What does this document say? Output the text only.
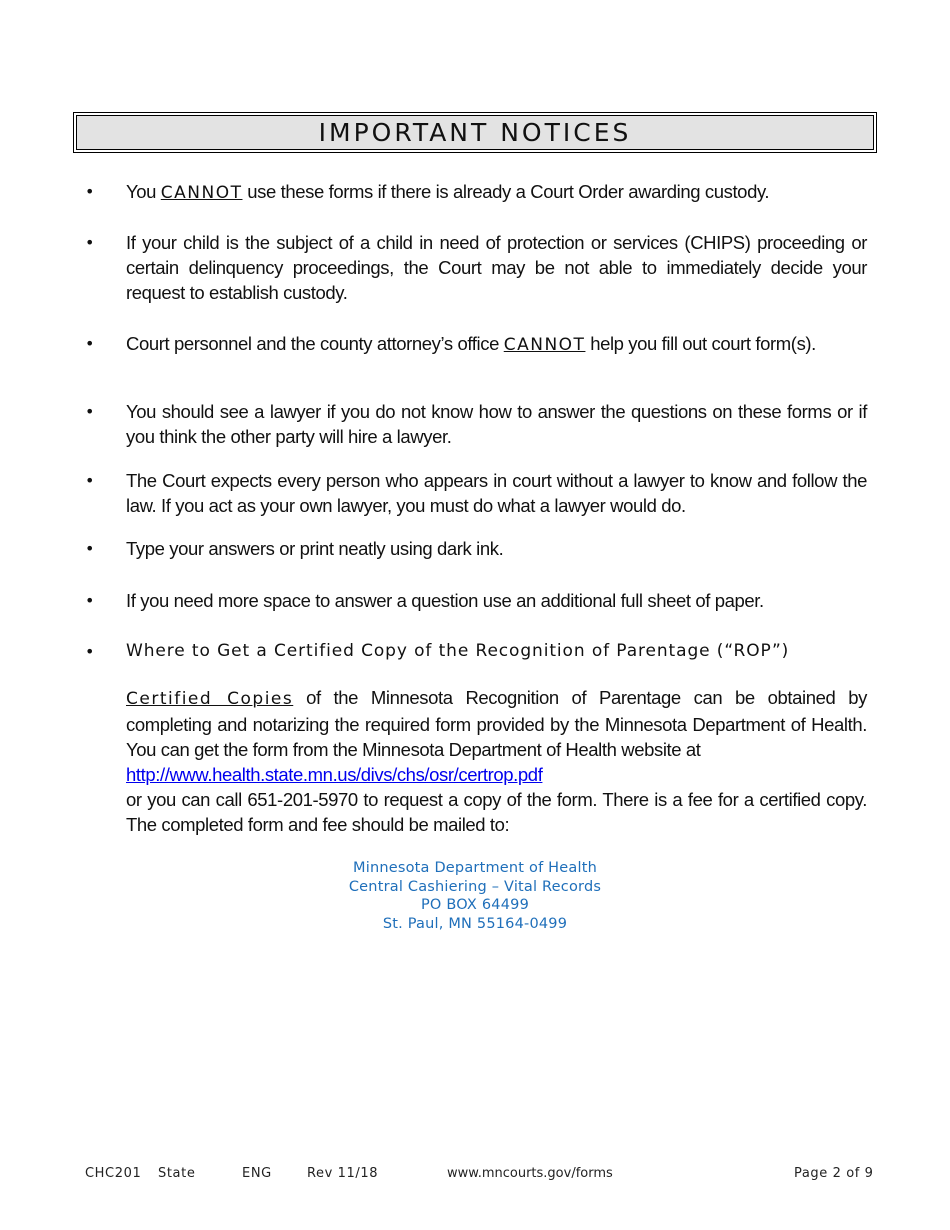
IMPORTANT NOTICES
• You CANNOT use these forms if there is already a Court Order awarding custody.
• If your child is the subject of a child in need of protection or services (CHIPS) proceeding or certain delinquency proceedings, the Court may be not able to immediately decide your request to establish custody.
• Court personnel and the county attorney’s office CANNOT help you fill out court form(s).
• You should see a lawyer if you do not know how to answer the questions on these forms or if you think the other party will hire a lawyer.
• The Court expects every person who appears in court without a lawyer to know and follow the law. If you act as your own lawyer, you must do what a lawyer would do.
• Type your answers or print neatly using dark ink.
• If you need more space to answer a question use an additional full sheet of paper.
• Where to Get a Certified Copy of the Recognition of Parentage (“ROP”)
Certified Copies of the Minnesota Recognition of Parentage can be obtained by completing and notarizing the required form provided by the Minnesota Department of Health. You can get the form from the Minnesota Department of Health website at
http://www.health.state.mn.us/divs/chs/osr/certrop.pdf
or you can call 651-201-5970 to request a copy of the form. There is a fee for a certified copy. The completed form and fee should be mailed to:
Minnesota Department of Health
Central Cashiering – Vital Records
PO BOX 64499
St. Paul, MN 55164-0499
CHC201 State	ENG	Rev 11/18	www.mncourts.gov/forms	Page 2 of 9
